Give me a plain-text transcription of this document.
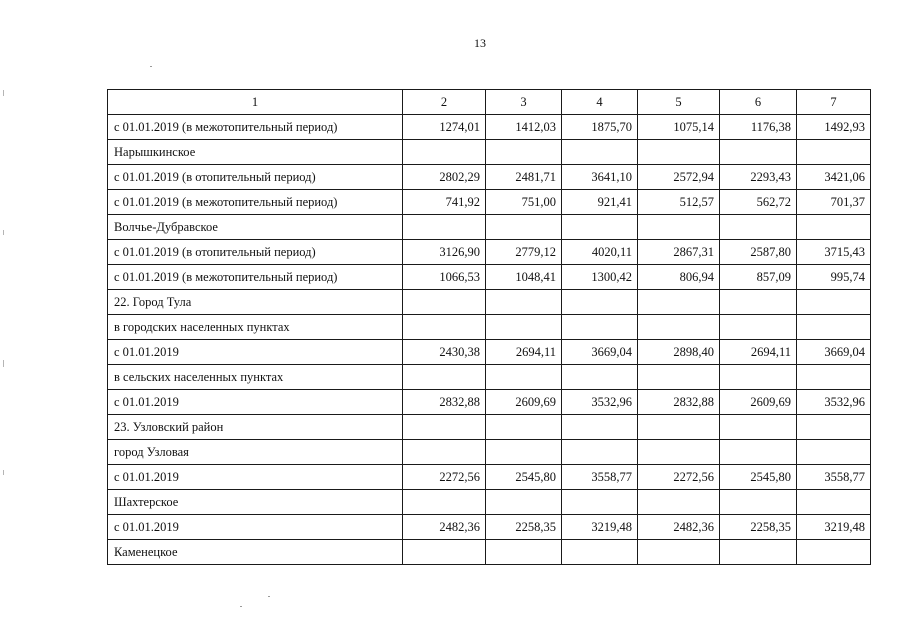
13
1	2	3	4	5	6	7
с 01.01.2019 (в межотопительный период)	1274,01	1412,03	1875,70	1075,14	1176,38	1492,93
Нарышкинское						
с 01.01.2019 (в отопительный период)	2802,29	2481,71	3641,10	2572,94	2293,43	3421,06
с 01.01.2019 (в межотопительный период)	741,92	751,00	921,41	512,57	562,72	701,37
Волчье-Дубравское						
с 01.01.2019 (в отопительный период)	3126,90	2779,12	4020,11	2867,31	2587,80	3715,43
с 01.01.2019 (в межотопительный период)	1066,53	1048,41	1300,42	806,94	857,09	995,74
22. Город Тула						
в городских населенных пунктах						
с 01.01.2019	2430,38	2694,11	3669,04	2898,40	2694,11	3669,04
в сельских населенных пунктах						
с 01.01.2019	2832,88	2609,69	3532,96	2832,88	2609,69	3532,96
23. Узловский район						
город Узловая						
с 01.01.2019	2272,56	2545,80	3558,77	2272,56	2545,80	3558,77
Шахтерское						
с 01.01.2019	2482,36	2258,35	3219,48	2482,36	2258,35	3219,48
Каменецкое						
